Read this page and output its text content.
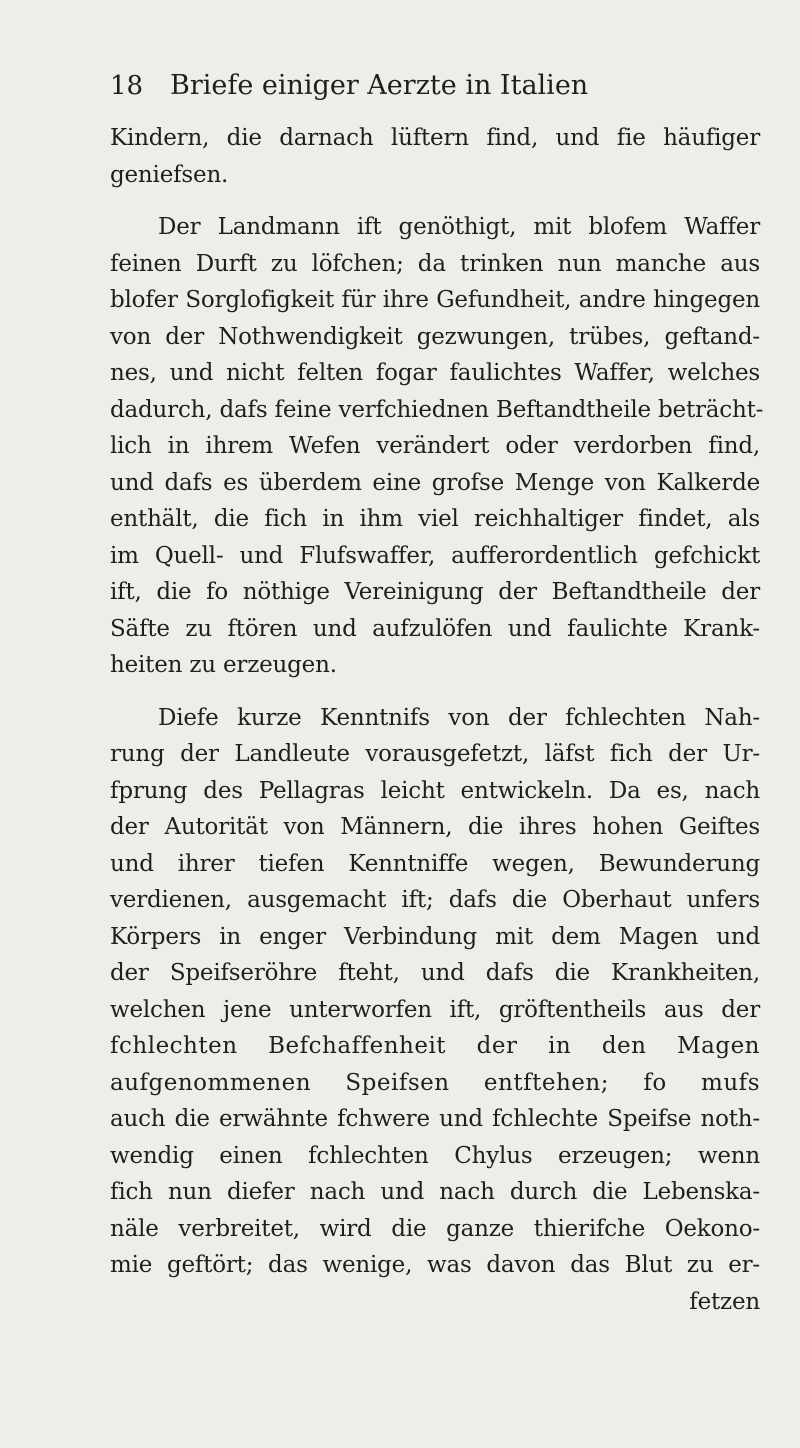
18 Briefe einiger Aerzte in Italien

Kindern, die darnach lüftern find, und fie häufiger
geniefsen.

Der Landmann ift genöthigt, mit blofem Waffer
feinen Durft zu löfchen; da trinken nun manche aus
blofer Sorglofigkeit für ihre Gefundheit, andre hingegen
von der Nothwendigkeit gezwungen, trübes, geftand-
nes, und nicht felten fogar faulichtes Waffer, welches
dadurch, dafs feine verfchiednen Beftandtheile beträcht-
lich in ihrem Wefen verändert oder verdorben find,
und dafs es überdem eine grofse Menge von Kalkerde
enthält, die fich in ihm viel reichhaltiger findet, als
im Quell- und Flufswaffer, aufferordentlich gefchickt
ift, die fo nöthige Vereinigung der Beftandtheile der
Säfte zu ftören und aufzulöfen und faulichte Krank-
heiten zu erzeugen.

Diefe kurze Kenntnifs von der fchlechten Nah-
rung der Landleute vorausgefetzt, läfst fich der Ur-
fprung des Pellagras leicht entwickeln. Da es, nach
der Autorität von Männern, die ihres hohen Geiftes
und ihrer tiefen Kenntniffe wegen, Bewunderung
verdienen, ausgemacht ift; dafs die Oberhaut unfers
Körpers in enger Verbindung mit dem Magen und
der Speifseröhre fteht, und dafs die Krankheiten,
welchen jene unterworfen ift, gröftentheils aus der
fchlechten Befchaffenheit der in den Magen
aufgenommenen Speifsen entftehen; fo mufs
auch die erwähnte fchwere und fchlechte Speifse noth-
wendig einen fchlechten Chylus erzeugen; wenn
fich nun diefer nach und nach durch die Lebenska-
näle verbreitet, wird die ganze thierifche Oekono-
mie geftört; das wenige, was davon das Blut zu er-

fetzen
